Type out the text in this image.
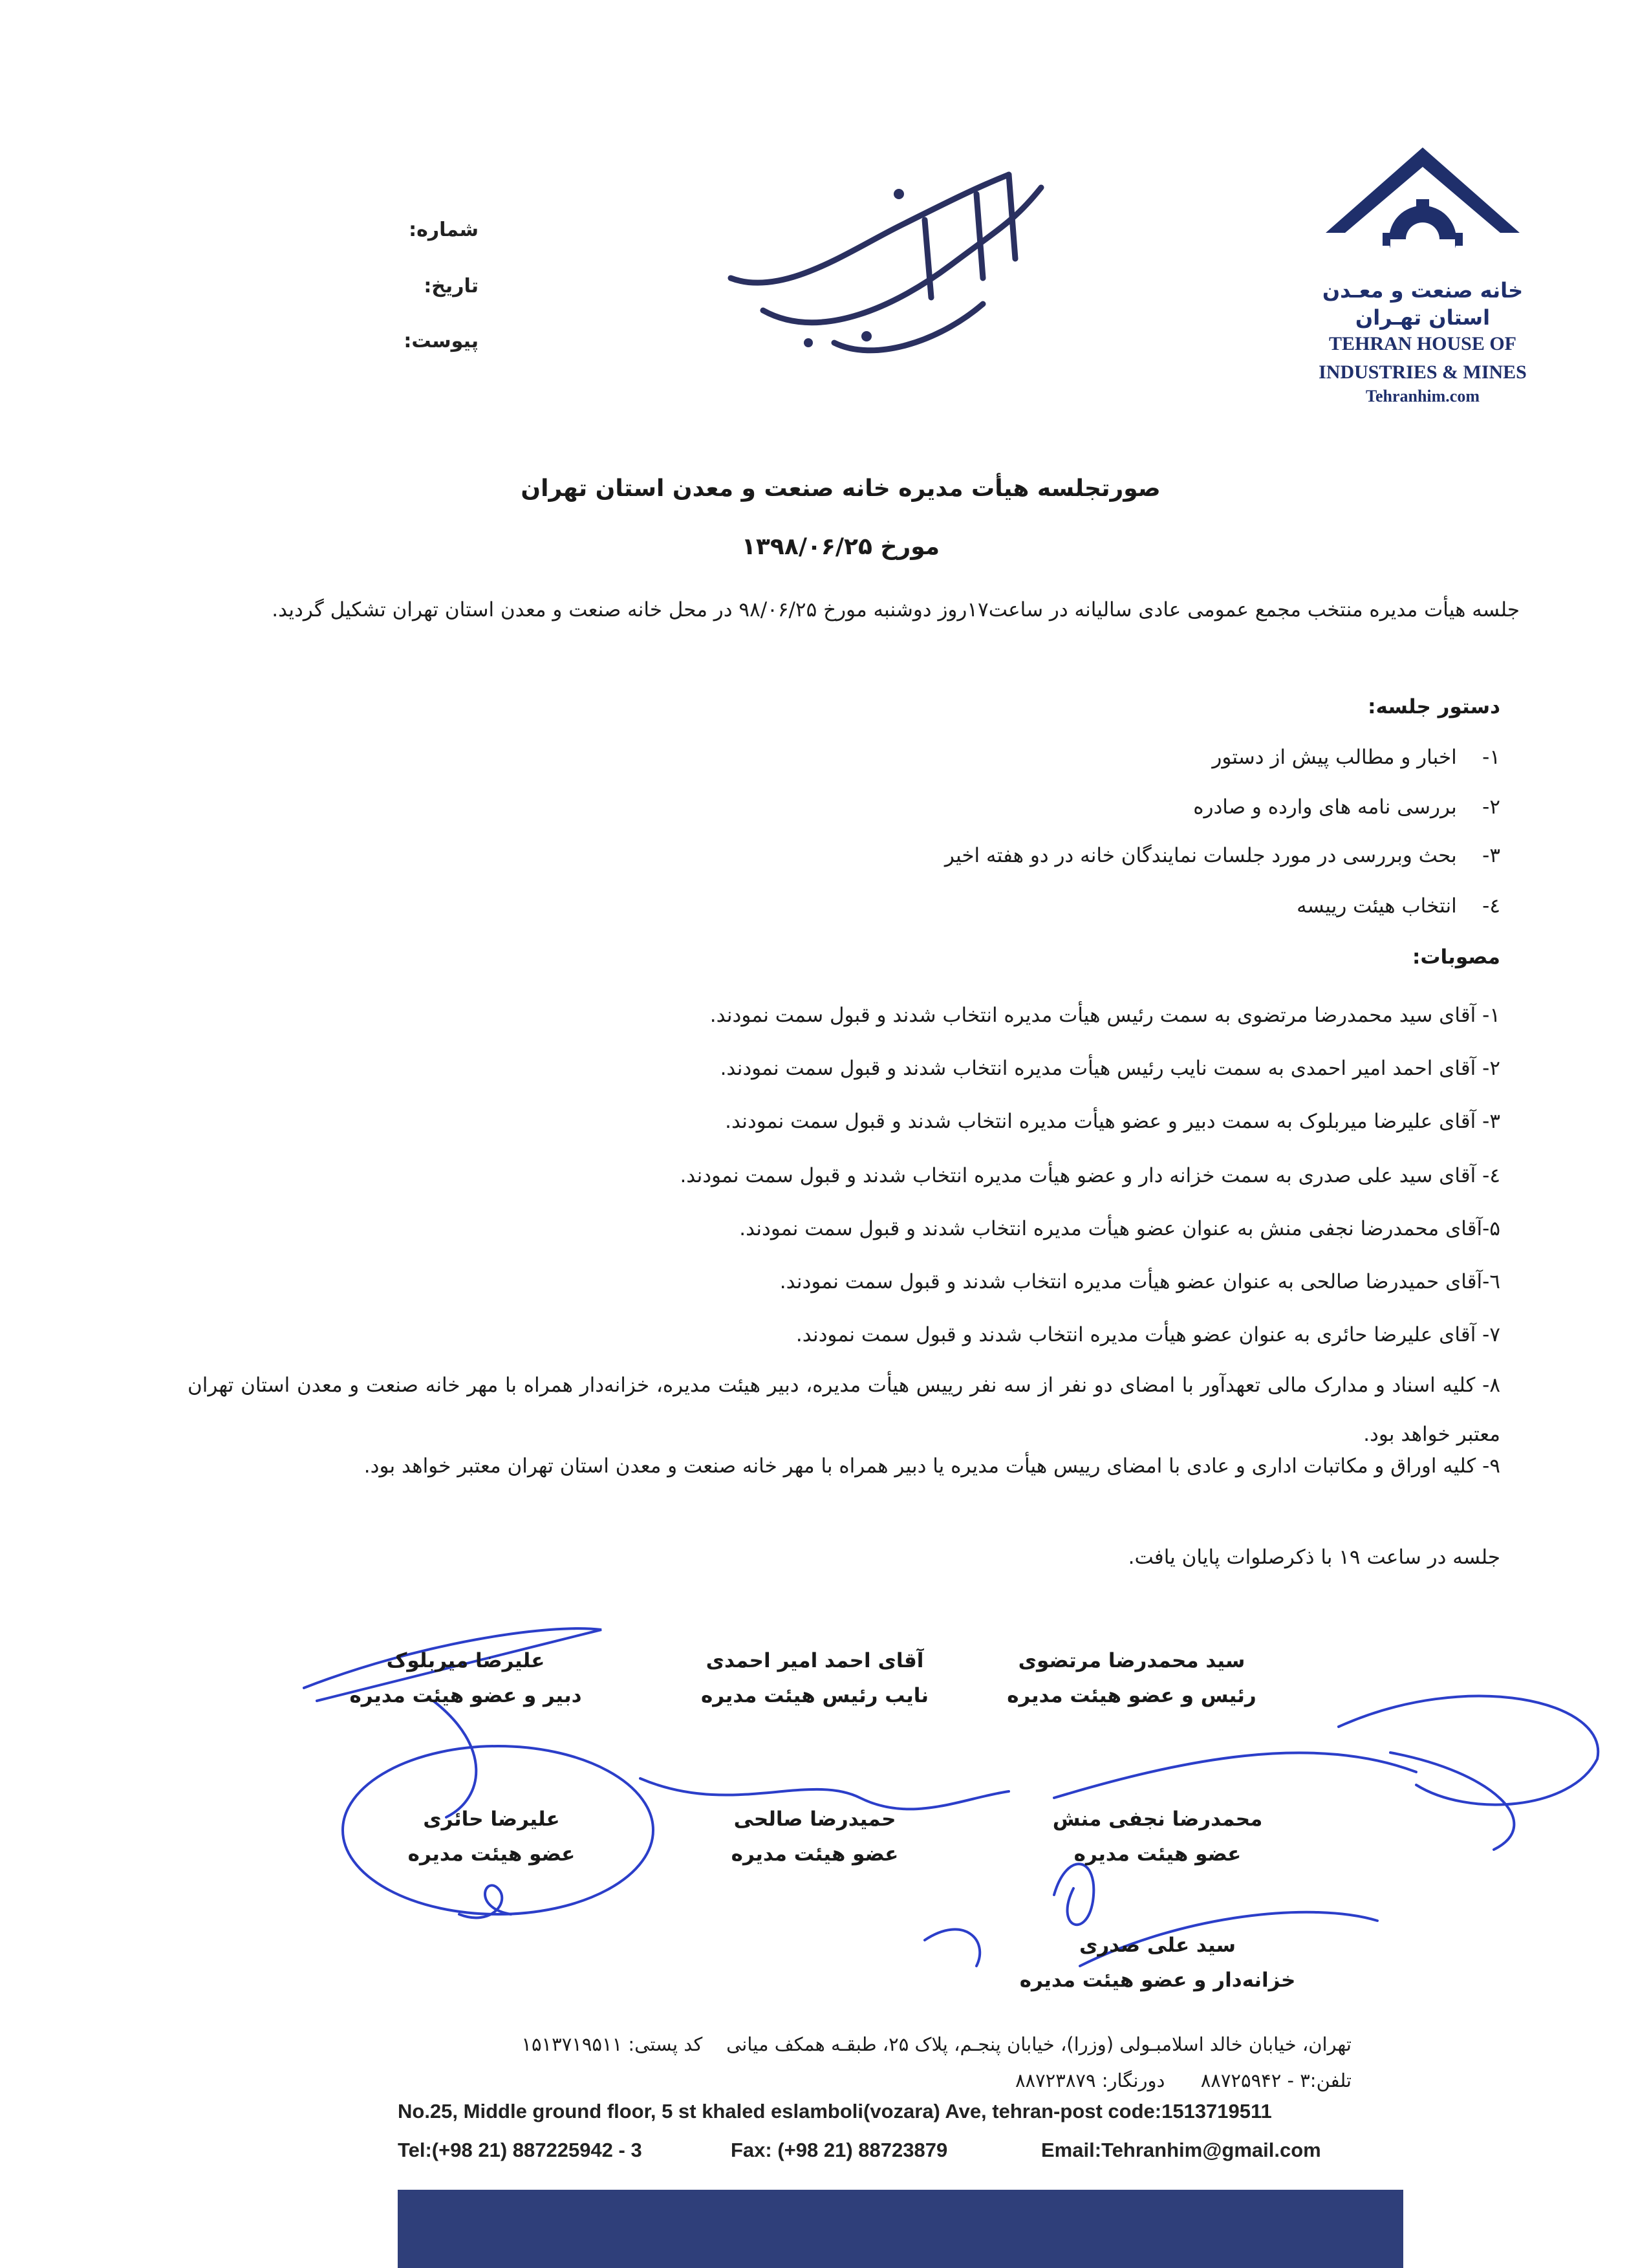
خانه صنعت و معـدن
استان تهـران
TEHRAN HOUSE OF
INDUSTRIES & MINES
Tehranhim.com
شماره:
تاریخ:
پیوست:
صورتجلسه هیأت مدیره خانه صنعت و معدن استان تهران
مورخ ۱۳۹۸/۰۶/۲۵
جلسه هیأت مدیره منتخب مجمع عمومی عادی سالیانه در ساعت۱۷روز دوشنبه مورخ ۹۸/۰۶/۲۵ در محل خانه صنعت و معدن استان تهران تشکیل گردید.
دستور جلسه:
۱-    اخبار و مطالب پیش از دستور
۲-    بررسی نامه های وارده و صادره
۳-    بحث وبررسی در مورد جلسات نمایندگان خانه در دو هفته اخیر
٤-    انتخاب هیئت رییسه
مصوبات:
۱- آقای سید محمدرضا مرتضوی به سمت رئیس هیأت مدیره انتخاب شدند و قبول سمت نمودند.
۲- آقای احمد امیر احمدی به سمت نایب رئیس هیأت مدیره انتخاب شدند و قبول سمت نمودند.
۳- آقای علیرضا میربلوک به سمت دبیر و عضو هیأت مدیره انتخاب شدند و قبول سمت نمودند.
٤- آقای سید علی صدری به سمت خزانه دار و عضو هیأت مدیره انتخاب شدند و قبول سمت نمودند.
۵-آقای محمدرضا نجفی منش به عنوان عضو هیأت مدیره انتخاب شدند و قبول سمت نمودند.
٦-آقای حمیدرضا صالحی به عنوان عضو هیأت مدیره انتخاب شدند و قبول سمت نمودند.
۷- آقای علیرضا حائری به عنوان عضو هیأت مدیره انتخاب شدند و قبول سمت نمودند.
۸- کلیه اسناد و مدارک مالی تعهدآور با امضای دو نفر از سه نفر رییس هیأت مدیره، دبیر هیئت مدیره، خزانه‌دار همراه با مهر خانه صنعت و معدن استان تهران معتبر خواهد بود.
۹- کلیه اوراق و مکاتبات اداری و عادی با امضای رییس هیأت مدیره یا دبیر همراه با مهر خانه صنعت و معدن استان تهران معتبر خواهد بود.
جلسه در ساعت ۱۹ با ذکرصلوات پایان یافت.
سید محمدرضا مرتضوی
رئیس و عضو هیئت مدیره
آقای احمد امیر احمدی
نایب رئیس هیئت مدیره
علیرضا میربلوک
دبیر و عضو هیئت مدیره
محمدرضا نجفی منش
عضو هیئت مدیره
حمیدرضا صالحی
عضو هیئت مدیره
علیرضا حائری
عضو هیئت مدیره
سید علی صدری
خزانه‌دار و عضو هیئت مدیره
تهران، خیابان خالد اسلامبـولی (وزرا)، خیابان پنجـم، پلاک ۲۵، طبقـه همکف میانی    کد پستی: ۱۵۱۳۷۱۹۵۱۱
تلفن:۳ - ۸۸۷۲۵۹۴۲      دورنگار: ۸۸۷۲۳۸۷۹
No.25, Middle ground floor, 5 st khaled eslamboli(vozara) Ave, tehran-post code:1513719511
Tel:(+98 21) 887225942 - 3	Fax: (+98 21) 88723879	Email:Tehranhim@gmail.com
